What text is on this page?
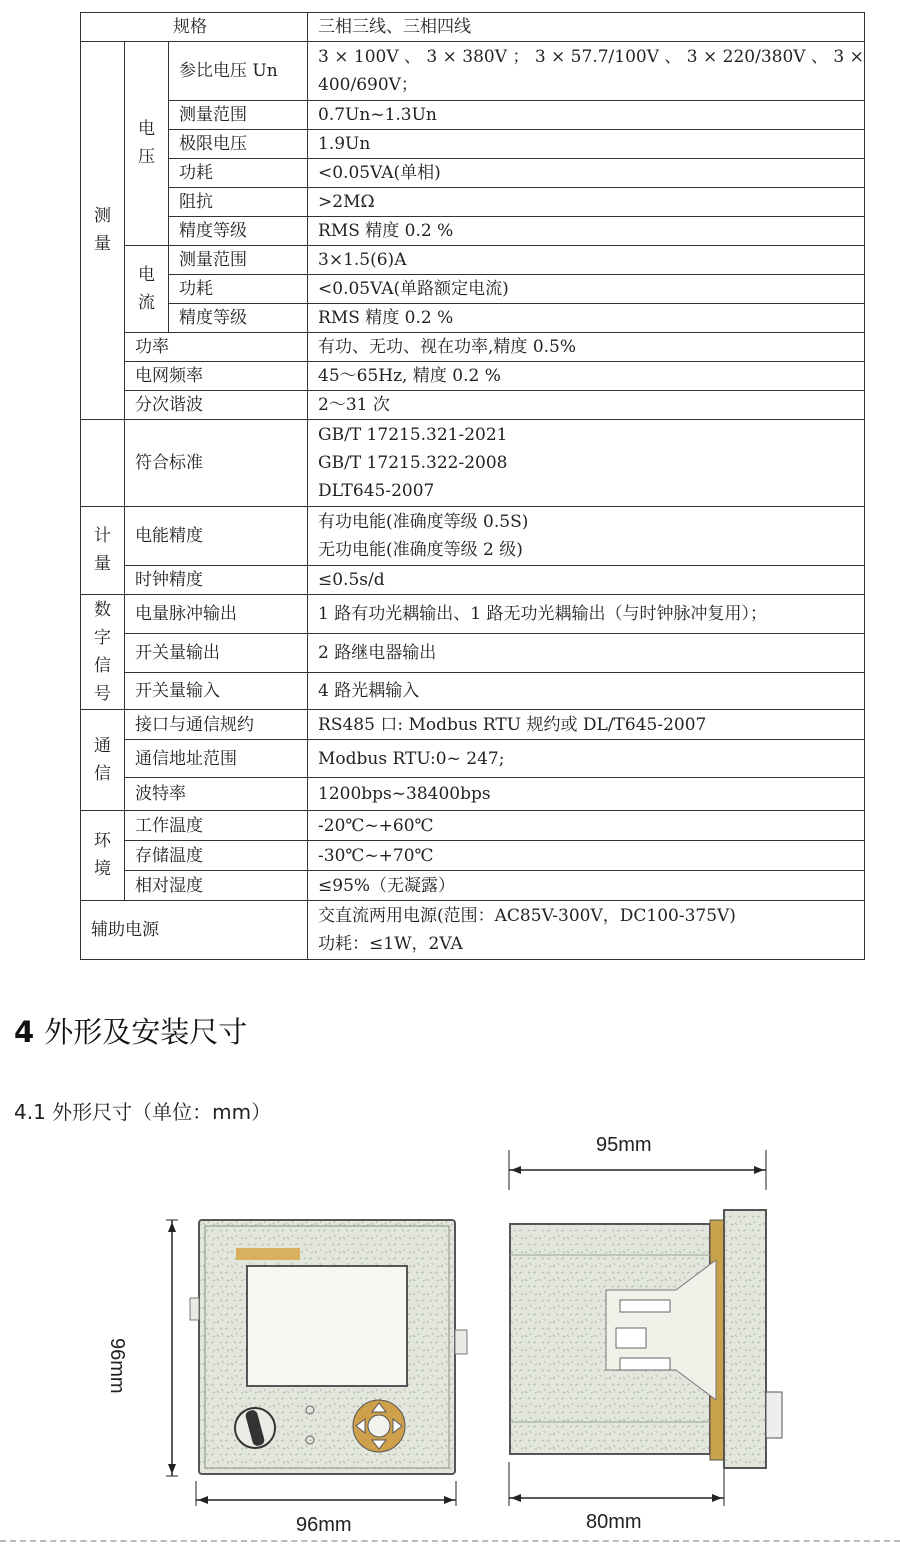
规格			三相三线、三相四线
测量	电压	参比电压 Un	3 × 100V 、 3 × 380V ； 3 × 57.7/100V 、 3 × 220/380V 、 3 ×
400/690V；

		测量范围	0.7Un~1.3Un
		极限电压	1.9Un
		功耗	<0.05VA(单相)
		阻抗	>2MΩ
		精度等级	RMS 精度 0.2 %
	电流	测量范围	3×1.5(6)A
		功耗	<0.05VA(单路额定电流)
		精度等级	RMS 精度 0.2 %
	功率		有功、无功、视在功率,精度 0.5%
	电网频率		45～65Hz, 精度 0.2 %
	分次谐波		2～31 次

	符合标准		GB/T 17215.321-2021
GB/T 17215.322-2008
DLT645-2007

计量	电能精度		有功电能(准确度等级 0.5S)
无功电能(准确度等级 2 级)

	时钟精度		≤0.5s/d
数字信号	电量脉冲输出		1 路有功光耦输出、1 路无功光耦输出（与时钟脉冲复用）；
	开关量输出		2 路继电器输出
	开关量输入		4 路光耦输入
通信	接口与通信规约		RS485 口: Modbus RTU 规约或 DL/T645-2007
	通信地址范围		Modbus RTU:0~ 247;
	波特率		1200bps~38400bps
环境	工作温度		-20℃~+60℃
	存储温度		-30℃~+70℃
	相对湿度		≤95%（无凝露）
辅助电源			交直流两用电源(范围：AC85V-300V，DC100-375V)
功耗：≤1W，2VA
4 外形及安装尺寸
4.1 外形尺寸（单位：mm）
95mm
96mm	80mm
96mm
